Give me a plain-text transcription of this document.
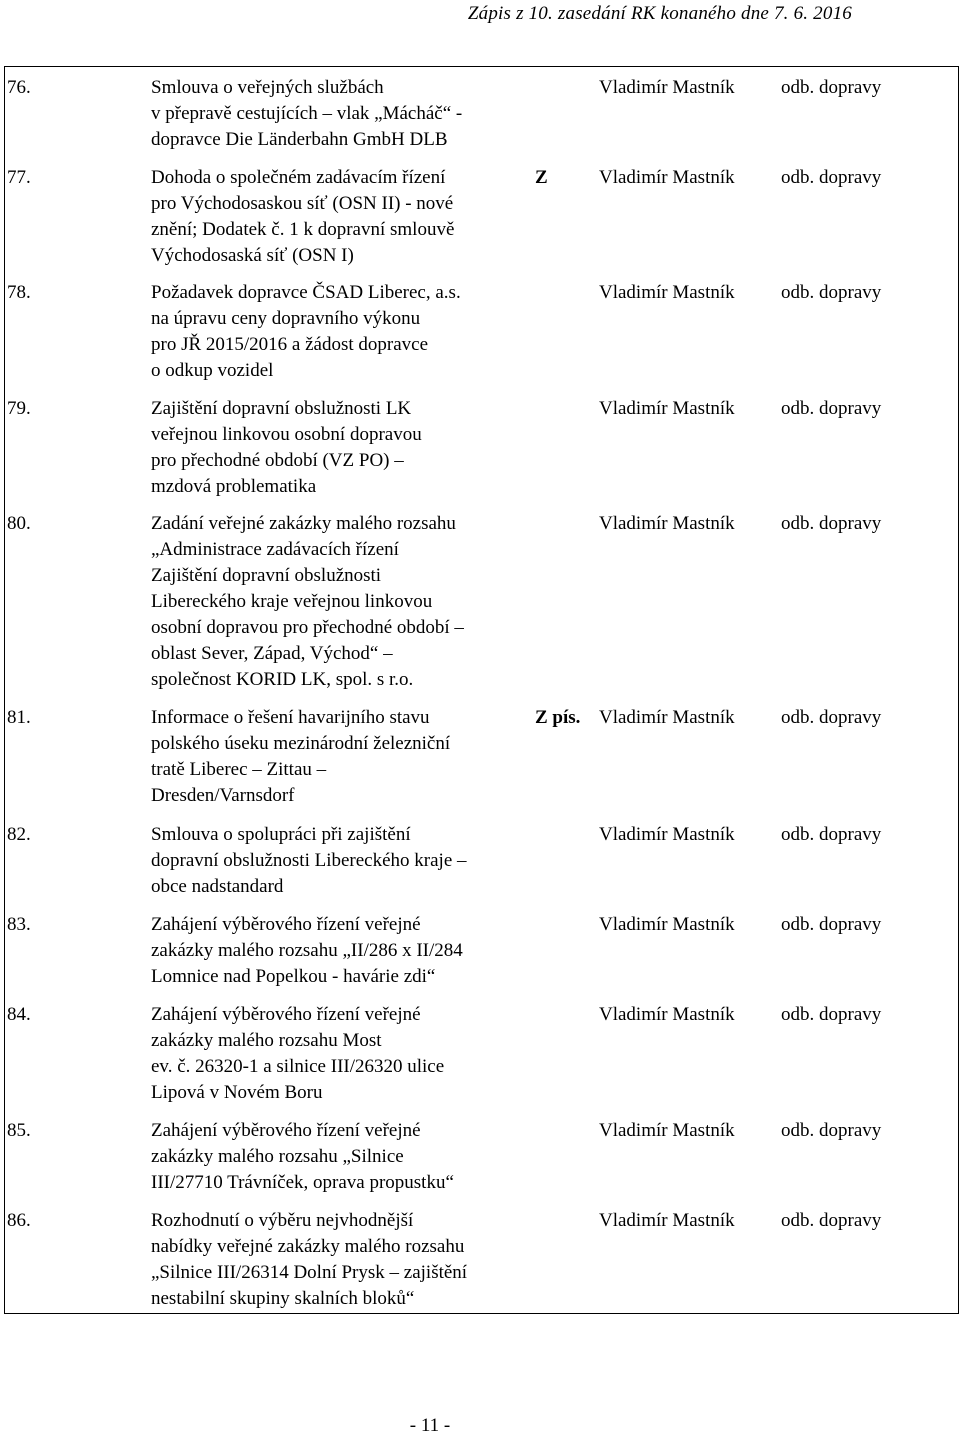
Zápis z 10. zasedání RK konaného dne 7. 6. 2016
76.	Smlouva o veřejných službách
v přepravě cestujících – vlak „Mácháč“ -
dopravce Die Länderbahn GmbH DLB
Vladimír Mastník odb. dopravy
77.	Dohoda o společném zadávacím řízení
pro Východosaskou síť (OSN II) - nové
znění; Dodatek č. 1 k dopravní smlouvě
Východosaská síť (OSN I)
Z	Vladimír Mastník odb. dopravy
78.	Požadavek dopravce ČSAD Liberec, a.s.
na úpravu ceny dopravního výkonu
pro JŘ 2015/2016 a žádost dopravce
o odkup vozidel
Vladimír Mastník odb. dopravy
79.	Zajištění dopravní obslužnosti LK
veřejnou linkovou osobní dopravou
pro přechodné období (VZ PO) –
mzdová problematika
Vladimír Mastník odb. dopravy
80.	Zadání veřejné zakázky malého rozsahu
„Administrace zadávacích řízení
Zajištění dopravní obslužnosti
Libereckého kraje veřejnou linkovou
osobní dopravou pro přechodné období –
oblast Sever, Západ, Východ“ –
společnost KORID LK, spol. s r.o.
Vladimír Mastník odb. dopravy
81.	Informace o řešení havarijního stavu
polského úseku mezinárodní železniční
tratě Liberec – Zittau –
Dresden/Varnsdorf
Z pís. Vladimír Mastník odb. dopravy
82.	Smlouva o spolupráci při zajištění
dopravní obslužnosti Libereckého kraje –
obce nadstandard
Vladimír Mastník odb. dopravy
83.	Zahájení výběrového řízení veřejné
zakázky malého rozsahu „II/286 x II/284
Lomnice nad Popelkou - havárie zdi“
Vladimír Mastník odb. dopravy
84.	Zahájení výběrového řízení veřejné
zakázky malého rozsahu Most
ev. č. 26320-1 a silnice III/26320 ulice
Lipová v Novém Boru
Vladimír Mastník odb. dopravy
85.	Zahájení výběrového řízení veřejné
zakázky malého rozsahu „Silnice
III/27710 Trávníček, oprava propustku“
Vladimír Mastník odb. dopravy
86.	Rozhodnutí o výběru nejvhodnější
nabídky veřejné zakázky malého rozsahu
„Silnice III/26314 Dolní Prysk – zajištění
nestabilní skupiny skalních bloků“
Vladimír Mastník odb. dopravy
- 11 -
